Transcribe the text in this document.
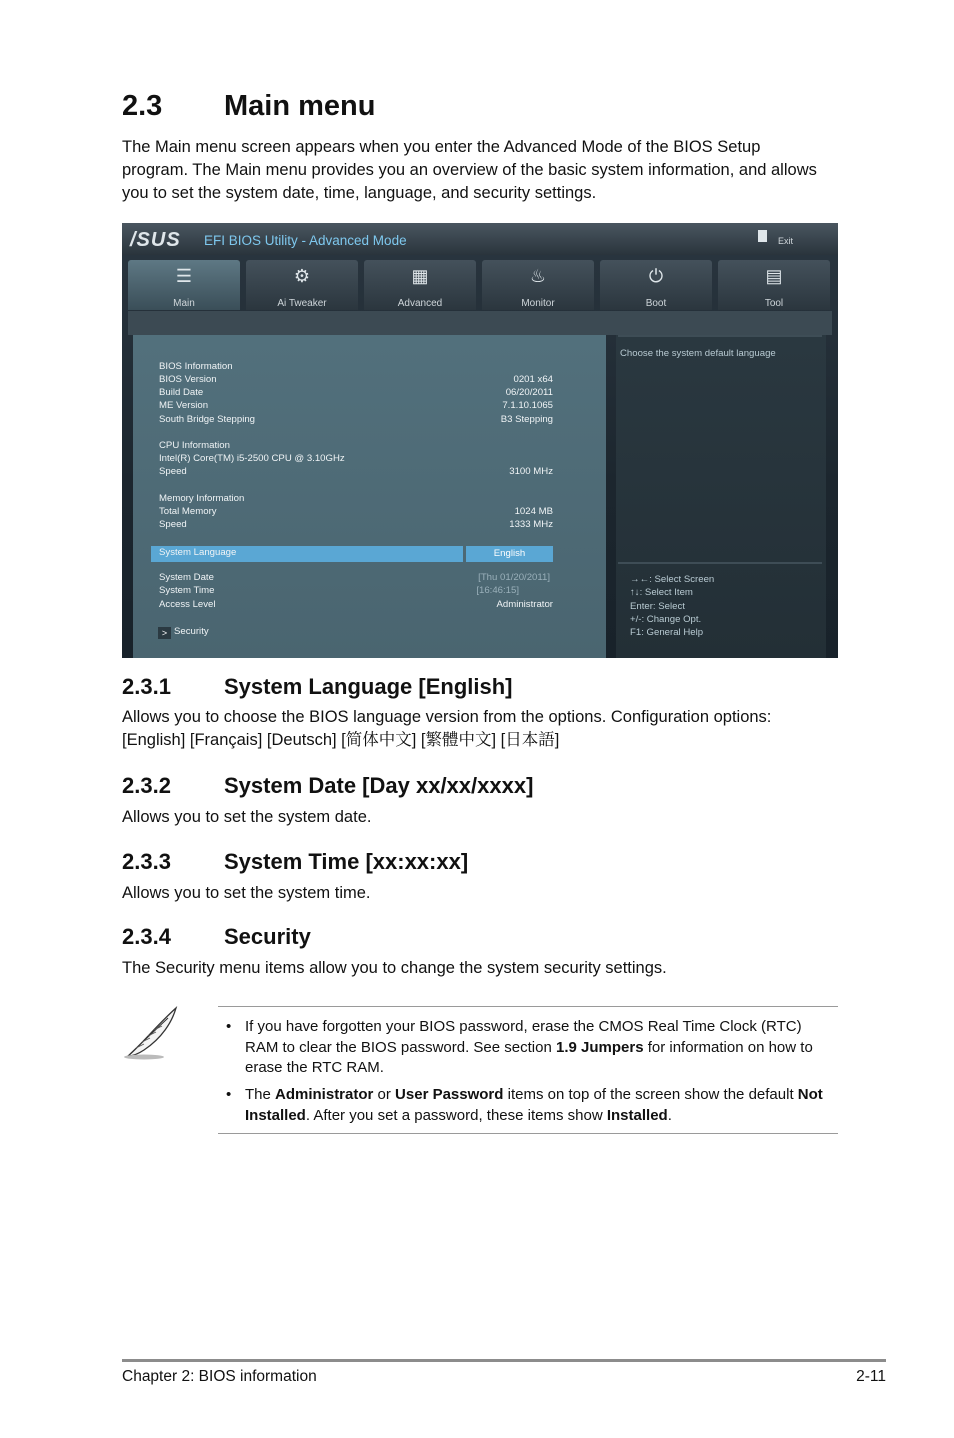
2.3 Main menu

The Main menu screen appears when you enter the Advanced Mode of the BIOS Setup program. The Main menu provides you an overview of the basic system information, and allows you to set the system date, time, language, and security settings.

/SUS EFI BIOS Utility - Advanced Mode	Exit
☰
Main
⚙
Ai Tweaker
▦
Advanced
♨
Monitor
⏻
Boot
▤
Tool
BIOS Information
BIOS Version	0201 x64
Build Date	06/20/2011
ME Version	7.1.10.1065
South Bridge Stepping	B3 Stepping
CPU Information
Intel(R) Core(TM) i5-2500 CPU @ 3.10GHz
Speed	3100 MHz
Memory Information
Total Memory	1024 MB
Speed	1333 MHz
System Language	English
System Date	[Thu 01/20/2011]
System Time	[16:46:15]
Access Level	Administrator
> Security
Choose the system default language
→←: Select Screen
↑↓: Select Item
Enter: Select
+/-: Change Opt.
F1: General Help
2.3.1 System Language [English]

Allows you to choose the BIOS language version from the options. Configuration options: [English] [Français] [Deutsch] [简体中文] [繁體中文] [日本語]

2.3.2 System Date [Day xx/xx/xxxx]

Allows you to set the system date.

2.3.3 System Time [xx:xx:xx]

Allows you to set the system time.

2.3.4 Security

The Security menu items allow you to change the system security settings.

• If you have forgotten your BIOS password, erase the CMOS Real Time Clock (RTC) RAM to clear the BIOS password. See section 1.9 Jumpers for information on how to erase the RTC RAM.
• The Administrator or User Password items on top of the screen show the default Not Installed. After you set a password, these items show Installed.
Chapter 2: BIOS information	2-11
